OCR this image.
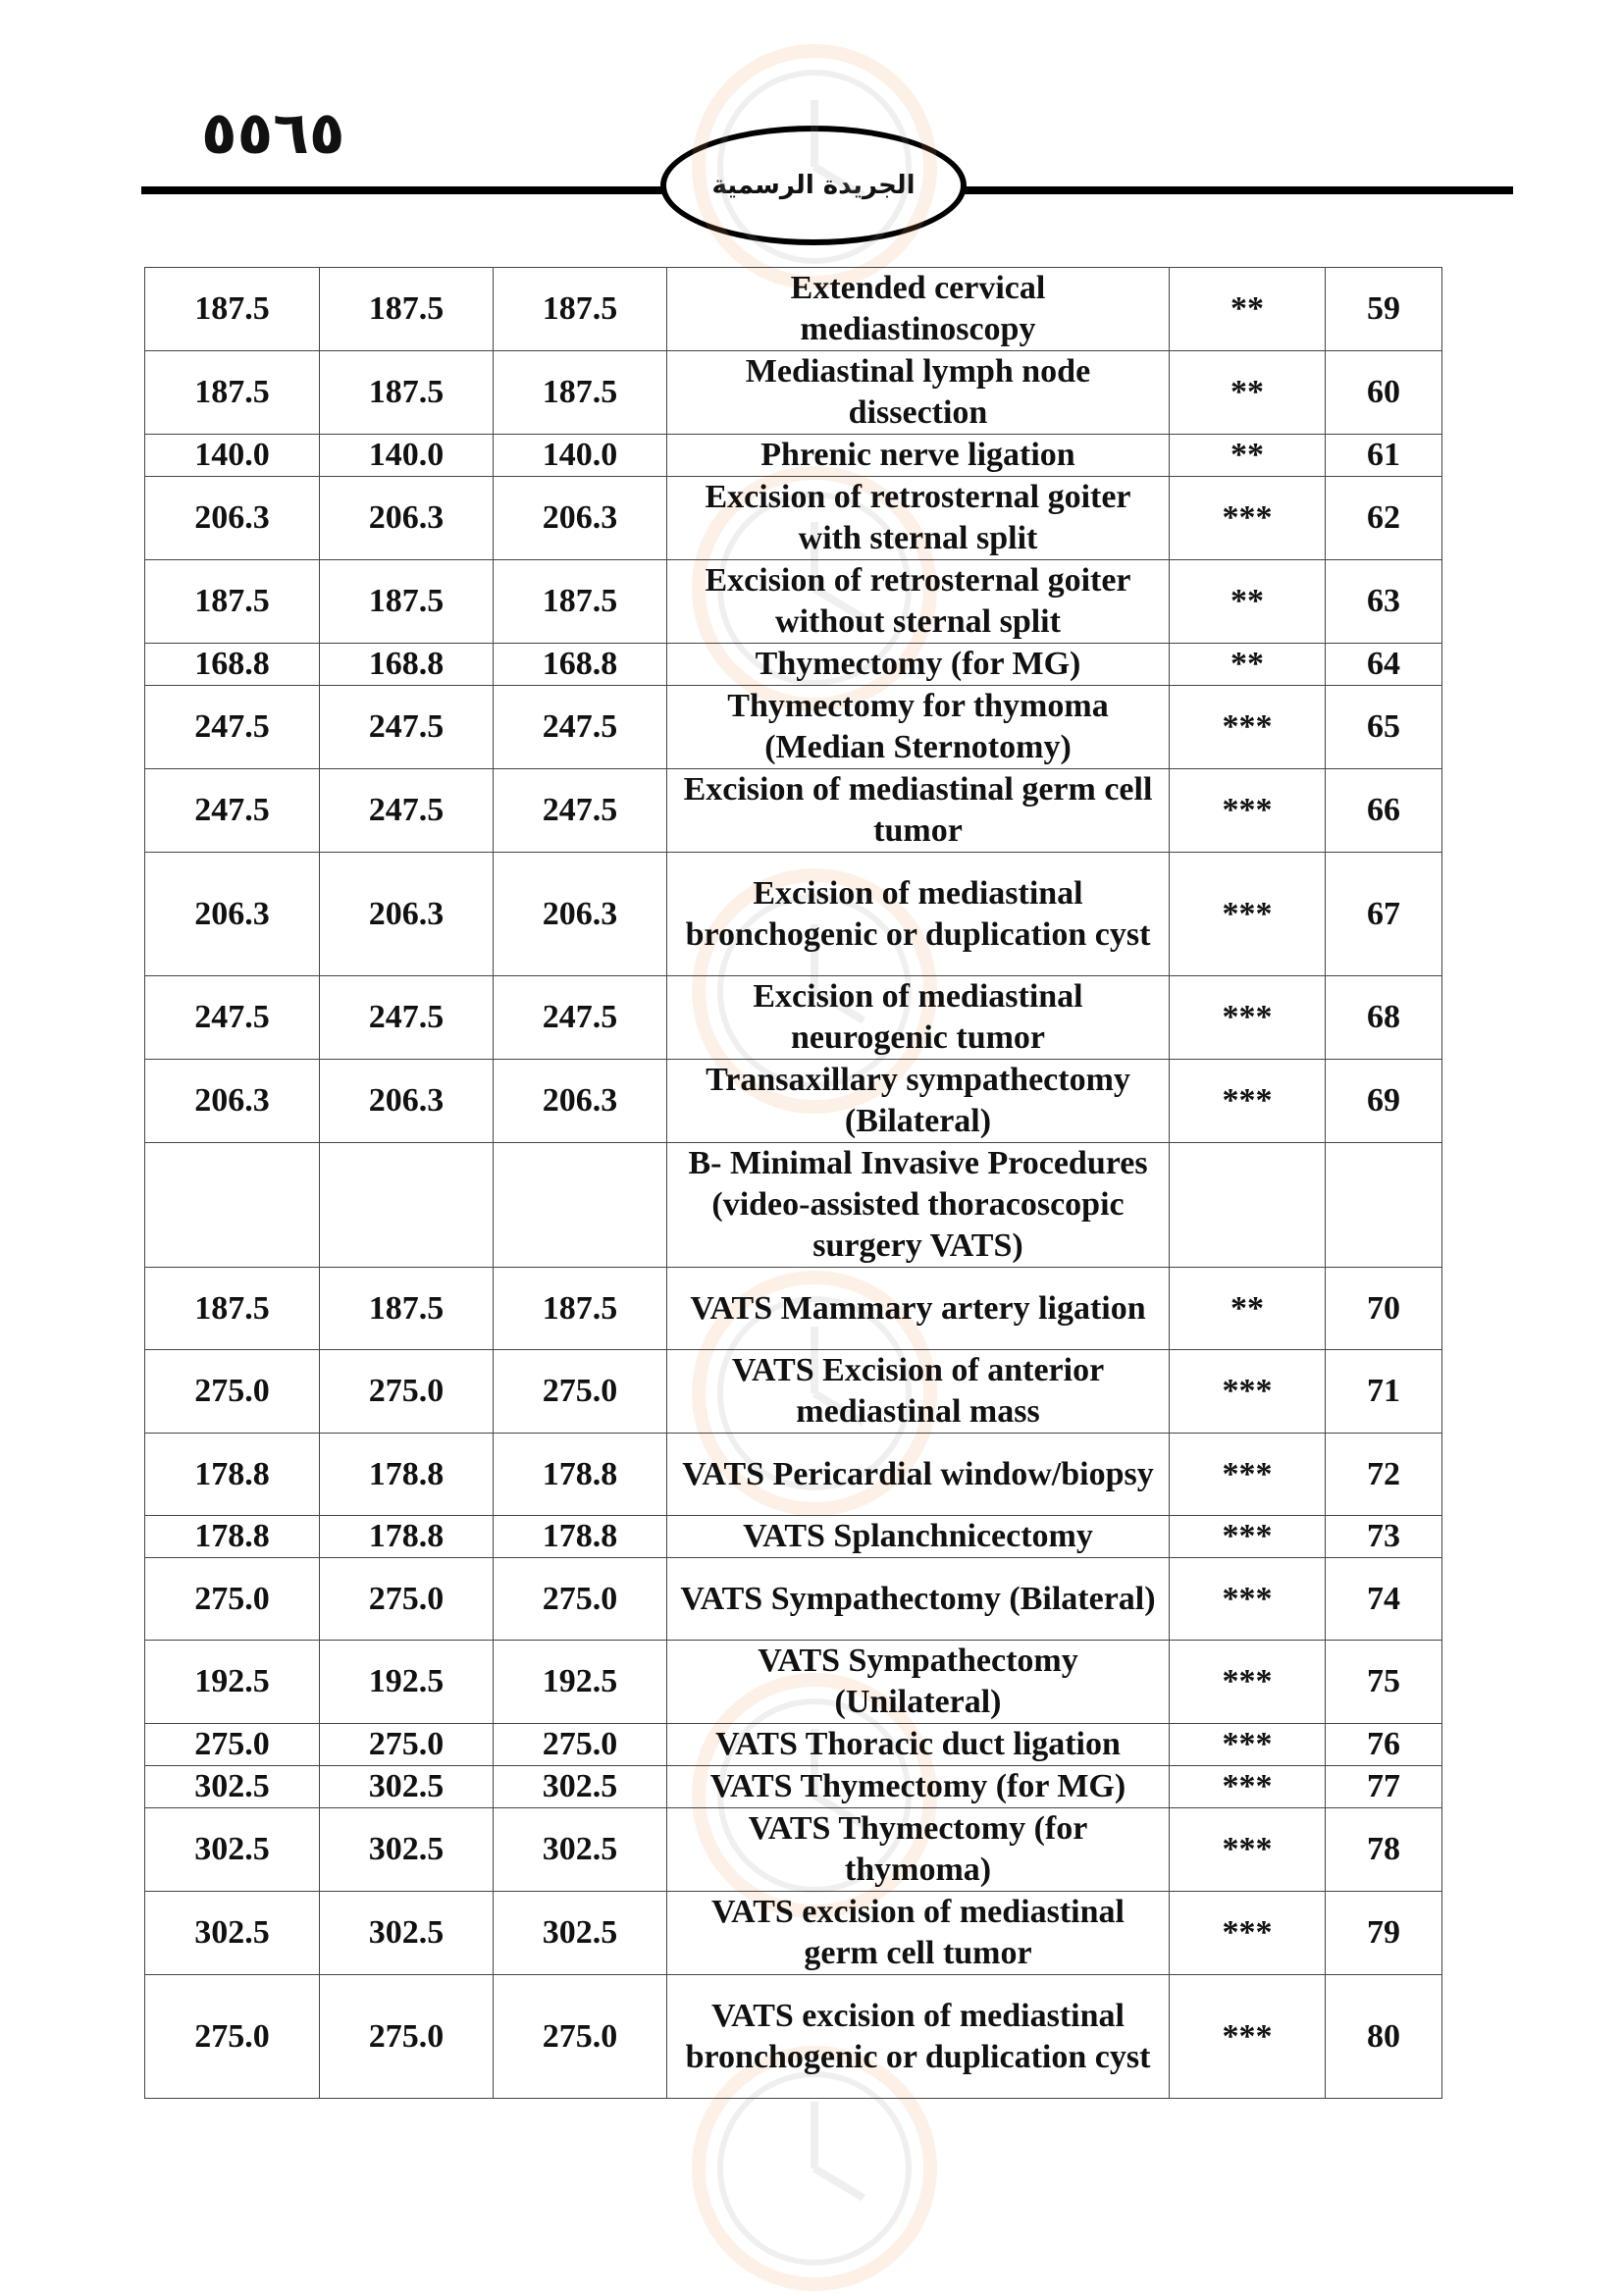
٥٥٦٥
الجريدة الرسمية
187.5	187.5	187.5	Extended cervical mediastinoscopy	**	59
187.5	187.5	187.5	Mediastinal lymph node dissection	**	60
140.0	140.0	140.0	Phrenic nerve ligation	**	61
206.3	206.3	206.3	Excision of retrosternal goiter with sternal split	***	62
187.5	187.5	187.5	Excision of retrosternal goiter without sternal split	**	63
168.8	168.8	168.8	Thymectomy (for MG)	**	64
247.5	247.5	247.5	Thymectomy for thymoma (Median Sternotomy)	***	65
247.5	247.5	247.5	Excision of mediastinal germ cell tumor	***	66
206.3	206.3	206.3	Excision of mediastinal bronchogenic or duplication cyst	***	67
247.5	247.5	247.5	Excision of mediastinal neurogenic tumor	***	68
206.3	206.3	206.3	Transaxillary sympathectomy (Bilateral)	***	69
			B- Minimal Invasive Procedures (video-assisted thoracoscopic surgery VATS)		
187.5	187.5	187.5	VATS Mammary artery ligation	**	70
275.0	275.0	275.0	VATS Excision of anterior mediastinal mass	***	71
178.8	178.8	178.8	VATS Pericardial window/biopsy	***	72
178.8	178.8	178.8	VATS Splanchnicectomy	***	73
275.0	275.0	275.0	VATS Sympathectomy (Bilateral)	***	74
192.5	192.5	192.5	VATS Sympathectomy (Unilateral)	***	75
275.0	275.0	275.0	VATS Thoracic duct ligation	***	76
302.5	302.5	302.5	VATS Thymectomy (for MG)	***	77
302.5	302.5	302.5	VATS Thymectomy (for thymoma)	***	78
302.5	302.5	302.5	VATS excision of mediastinal germ cell tumor	***	79
275.0	275.0	275.0	VATS excision of mediastinal bronchogenic or duplication cyst	***	80
